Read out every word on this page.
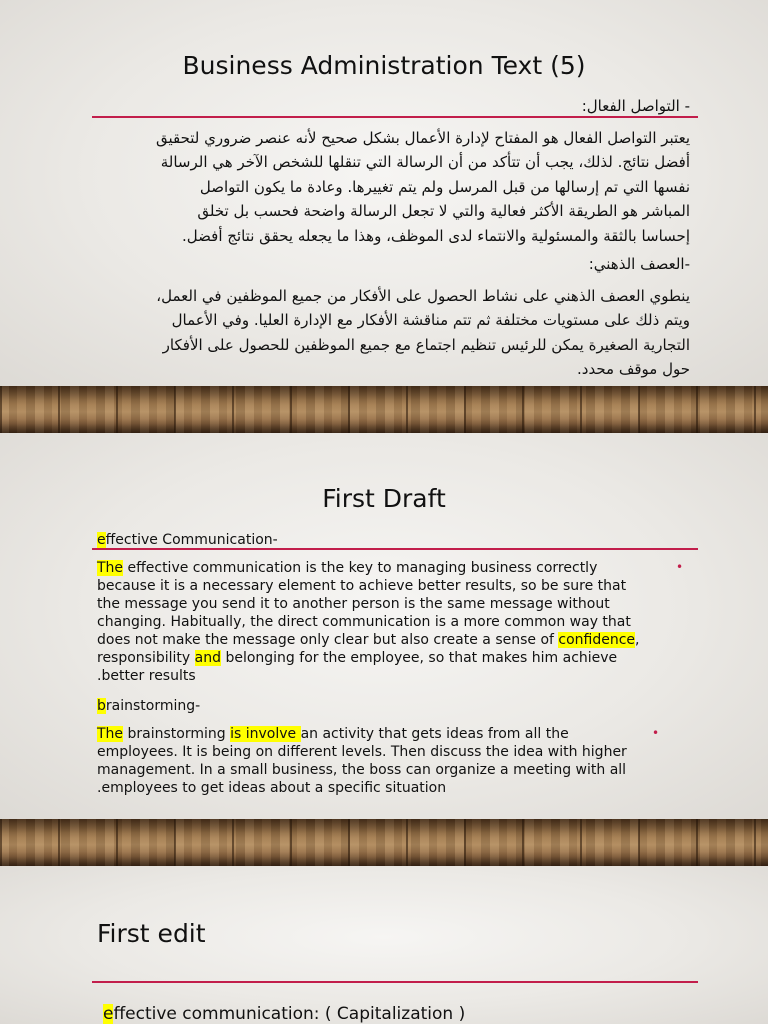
Business Administration Text (5)
- التواصل الفعال:
يعتبر التواصل الفعال هو المفتاح لإدارة الأعمال بشكل صحيح لأنه عنصر ضروري لتحقيق
أفضل نتائج. لذلك، يجب أن تتأكد من أن الرسالة التي تنقلها للشخص الآخر هي الرسالة
نفسها التي تم إرسالها من قبل المرسل ولم يتم تغييرها. وعادة ما يكون التواصل
المباشر هو الطريقة الأكثر فعالية والتي لا تجعل الرسالة واضحة فحسب بل تخلق
إحساسا بالثقة والمسئولية والانتماء لدى الموظف، وهذا ما يجعله يحقق نتائج أفضل.
-العصف الذهني:
ينطوي العصف الذهني على نشاط الحصول على الأفكار من جميع الموظفين في العمل،
ويتم ذلك على مستويات مختلفة ثم تتم مناقشة الأفكار مع الإدارة العليا. وفي الأعمال
التجارية الصغيرة يمكن للرئيس تنظيم اجتماع مع جميع الموظفين للحصول على الأفكار
حول موقف محدد.
First Draft
effective Communication-
•
The effective communication is the key to managing business correctly
because it is a necessary element to achieve better results, so be sure that
the message you send it to another person is the same message without
changing. Habitually, the direct communication is a more common way that
does not make the message only clear but also create a sense of confidence,
responsibility and belonging for the employee, so that makes him achieve
.better results
brainstorming-
•
The brainstorming is involve an activity that gets ideas from all the
employees. It is being on different levels. Then discuss the idea with higher
management. In a small business, the boss can organize a meeting with all
.employees to get ideas about a specific situation
First edit
effective communication: ( Capitalization )
